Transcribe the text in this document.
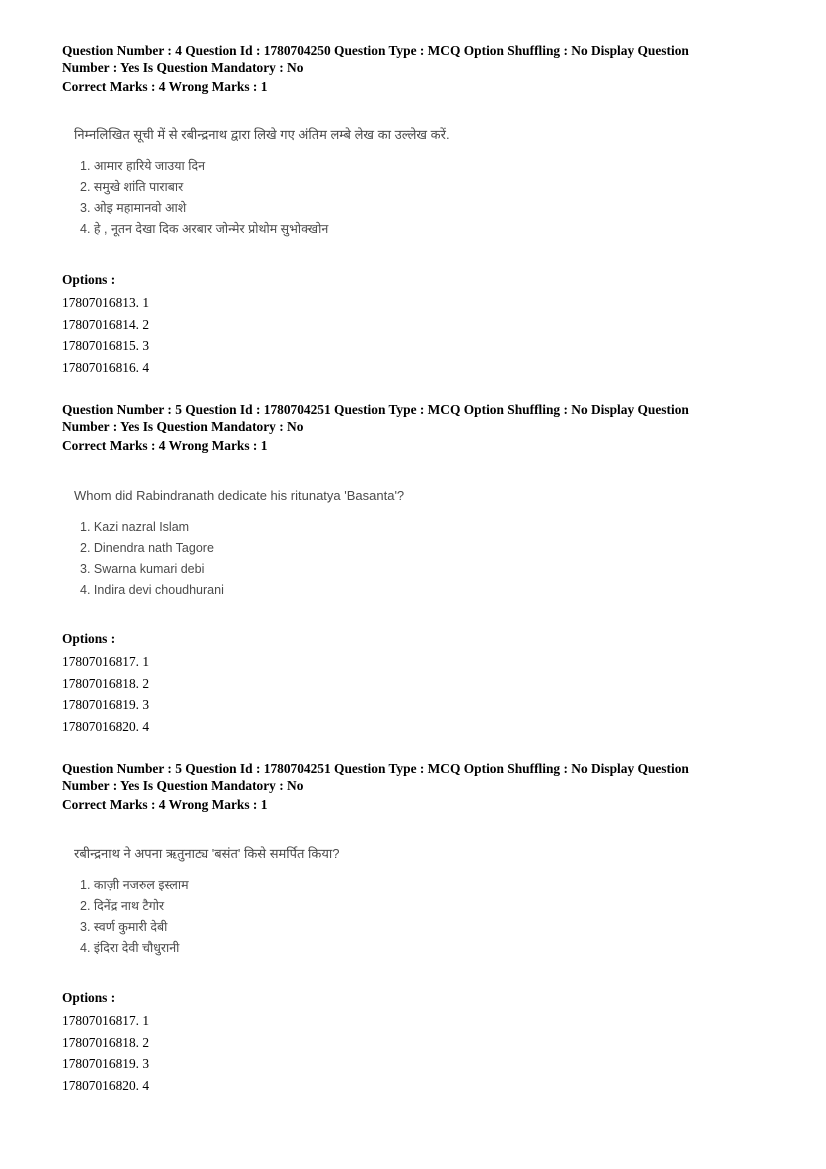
Question Number : 4 Question Id : 1780704250 Question Type : MCQ Option Shuffling : No Display Question
Number : Yes Is Question Mandatory : No
Correct Marks : 4 Wrong Marks : 1
निम्नलिखित सूची में से रबीन्द्रनाथ द्वारा लिखे गए अंतिम लम्बे लेख का उल्लेख करें.
1. आमार हारिये जाउया दिन
2. समुखे शांति पाराबार
3. ओइ महामानवो आशे
4. हे , नूतन देखा दिक अरबार जोन्मेर प्रोथोम सुभोक्खोन
Options :
17807016813. 1
17807016814. 2
17807016815. 3
17807016816. 4
Question Number : 5 Question Id : 1780704251 Question Type : MCQ Option Shuffling : No Display Question
Number : Yes Is Question Mandatory : No
Correct Marks : 4 Wrong Marks : 1
Whom did Rabindranath dedicate his ritunatya 'Basanta'?
1. Kazi nazral Islam
2. Dinendra nath Tagore
3. Swarna kumari debi
4. Indira devi choudhurani
Options :
17807016817. 1
17807016818. 2
17807016819. 3
17807016820. 4
Question Number : 5 Question Id : 1780704251 Question Type : MCQ Option Shuffling : No Display Question
Number : Yes Is Question Mandatory : No
Correct Marks : 4 Wrong Marks : 1
रबीन्द्रनाथ ने अपना ऋतुनाट्य 'बसंत' किसे समर्पित किया?
1. काज़ी नजरुल इस्लाम
2. दिनेंद्र नाथ टैगोर
3. स्वर्ण कुमारी देबी
4. इंदिरा देवी चौधुरानी
Options :
17807016817. 1
17807016818. 2
17807016819. 3
17807016820. 4
